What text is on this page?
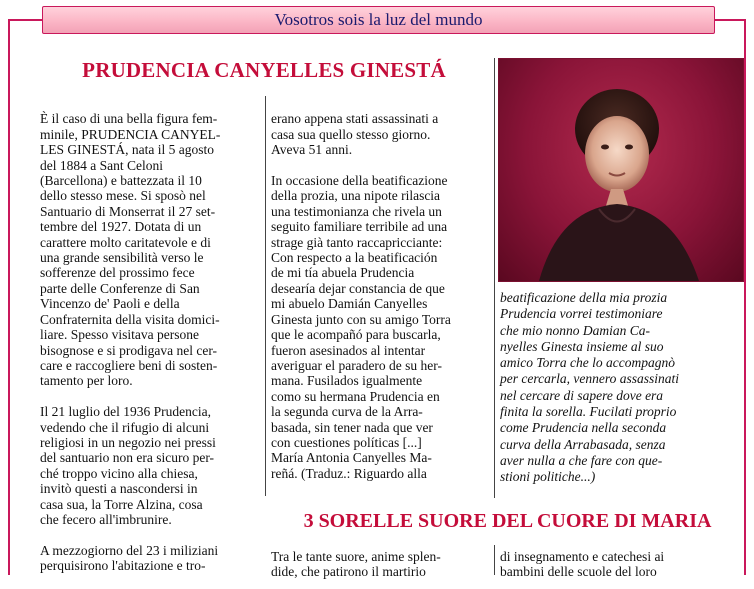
Vosotros sois la luz del mundo
PRUDENCIA CANYELLES GINESTÁ

È il caso di una bella figura fem-
minile, PRUDENCIA CANYEL-
LES GINESTÁ, nata il 5 agosto
del 1884 a Sant Celoni
(Barcellona) e battezzata il 10
dello stesso mese. Si sposò nel
Santuario di Monserrat il 27 set-
tembre del 1927. Dotata di un
carattere molto caritatevole e di
una grande sensibilità verso le
sofferenze del prossimo fece
parte delle Conferenze di San
Vincenzo de' Paoli e della
Confraternita della visita domici-
liare. Spesso visitava persone
bisognose e si prodigava nel cer-
care e raccogliere beni di sosten-
tamento per loro.

Il 21 luglio del 1936 Prudencia,
vedendo che il rifugio di alcuni
religiosi in un negozio nei pressi
del santuario non era sicuro per-
ché troppo vicino alla chiesa,
invitò questi a nascondersi in
casa sua, la Torre Alzina, cosa
che fecero all'imbrunire.

A mezzogiorno del 23 i miliziani
perquisirono l'abitazione e tro-

erano appena stati assassinati a
casa sua quello stesso giorno.
Aveva 51 anni.

In occasione della beatificazione
della prozia, una nipote rilascia
una testimonianza che rivela un
seguito familiare terribile ad una
strage già tanto raccapricciante:
Con respecto a la beatificación
de mi tía abuela Prudencia
desearía dejar constancia de que
mi abuelo Damián Canyelles
Ginesta junto con su amigo Torra
que le acompañó para buscarla,
fueron asesinados al intentar
averiguar el paradero de su her-
mana. Fusilados igualmente
como su hermana Prudencia en
la segunda curva de la Arra-
basada, sin tener nada que ver
con cuestiones políticas [...]
María Antonia Canyelles Ma-
reñá. (Traduz.: Riguardo alla

beatificazione della mia prozia
Prudencia vorrei testimoniare
che mio nonno Damian Ca-
nyelles Ginesta insieme al suo
amico Torra che lo accompagnò
per cercarla, vennero assassinati
nel cercare di sapere dove era
finita la sorella. Fucilati proprio
come Prudencia nella seconda
curva della Arrabasada, senza
aver nulla a che fare con que-
stioni politiche...)
3 SORELLE SUORE DEL CUORE DI MARIA
Tra le tante suore, anime splen-
dide, che patirono il martirio
di insegnamento e catechesi ai
bambini delle scuole del loro
